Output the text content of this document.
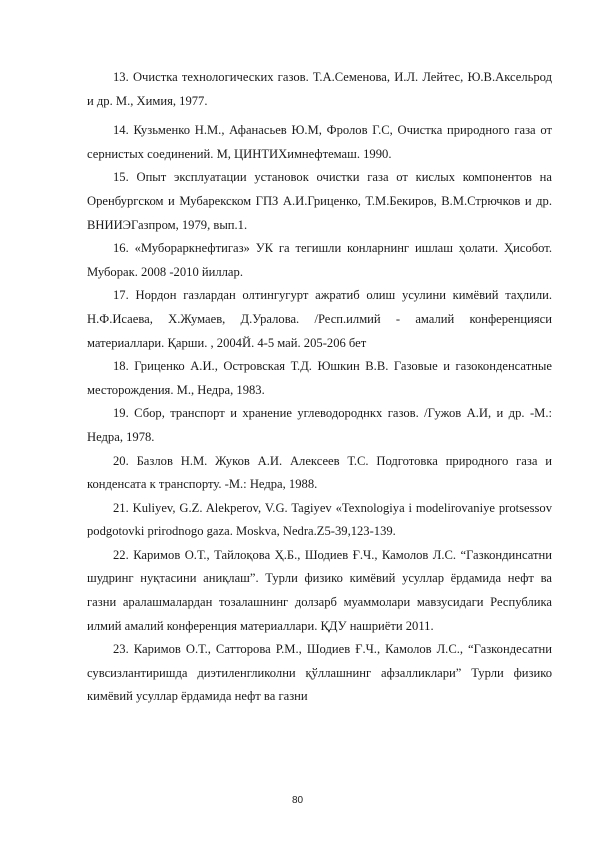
13. Очистка технологических газов. Т.А.Семенова, И.Л. Лейтес, Ю.В.Аксельрод и др. М., Химия, 1977.

14. Кузьменко Н.М., Афанасьев Ю.М, Фролов Г.С, Очистка природного газа от сернистых соединений. М, ЦИНТИХимнефтемаш. 1990.

15. Опыт эксплуатации установок очистки газа от кислых компонентов на Оренбургском и Мубарекском ГПЗ А.И.Гриценко, Т.М.Бекиров, В.М.Стрючков и др. ВНИИЭГазпром, 1979, вып.1.

16. «Мубораркнефтигаз» УК га тегишли конларнинг ишлаш ҳолати. Ҳисобот. Муборак. 2008 -2010 йиллар.

17. Нордон газлардан олтингугурт ажратиб олиш усулини кимёвий таҳлили. Н.Ф.Исаева, Х.Жумаев, Д.Уралова. /Респ.илмий - амалий конференцияси материаллари. Қарши. , 2004Й. 4-5 май. 205-206 бет

18. Гриценко А.И., Островская Т.Д. Юшкин В.В. Газовые и газоконденсатные месторождения. М., Недра, 1983.

19. Сбор, транспорт и хранение углеводороднкх газов. /Гужов А.И, и др. -М.: Недра, 1978.

20. Базлов Н.М. Жуков А.И. Алексеев Т.С. Подготовка природного газа и конденсата к транспорту. -М.: Недра, 1988.

21. Kuliyev, G.Z. Alekperov, V.G. Tagiyev «Texnologiya i modelirovaniye protsessov podgotovki prirodnogo gaza. Moskva, Nedra.Z5-39,123-139.

22. Каримов О.Т., Тайлоқова Ҳ.Б., Шодиев Ғ.Ч., Камолов Л.С. “Газкондинсатни шудринг нуқтасини аниқлаш”. Турли физико кимёвий усуллар ёрдамида нефт ва газни аралашмалардан тозалашнинг долзарб муаммолари мавзусидаги Республика илмий амалий конференция материаллари. ҚДУ нашриёти 2011.

23. Каримов О.Т., Сатторова Р.М., Шодиев Ғ.Ч., Камолов Л.С., “Газкондесатни сувсизлантиришда диэтиленгликолни қўллашнинг афзалликлари” Турли физико кимёвий усуллар ёрдамида нефт ва газни

80
